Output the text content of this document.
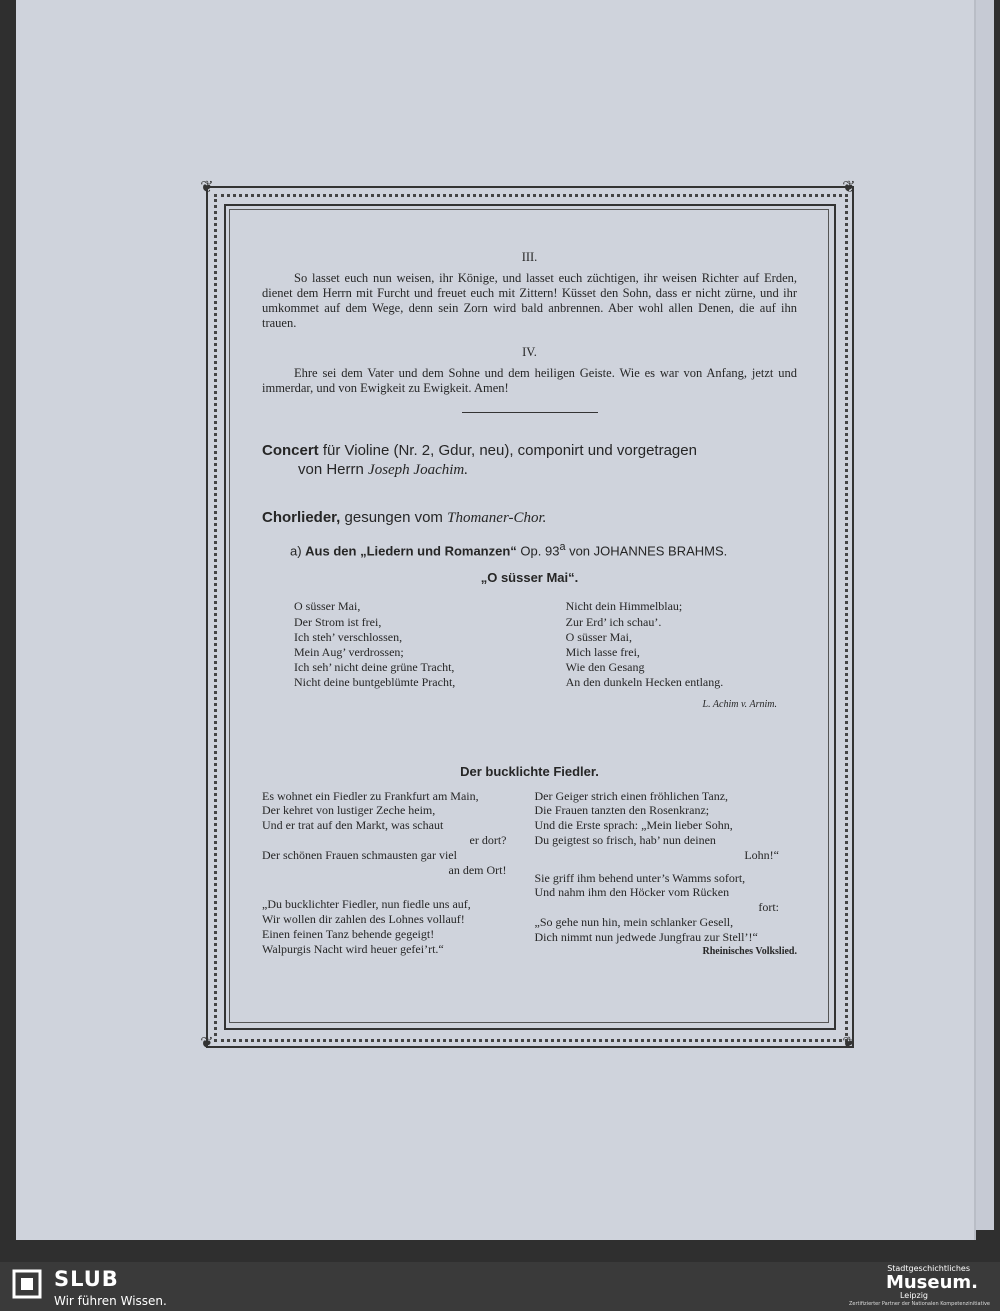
❦	❦
❦	❦
III.
So lasset euch nun weisen, ihr Könige, und lasset euch züchtigen, ihr weisen Richter auf Erden, dienet dem Herrn mit Furcht und freuet euch mit Zittern! Küsset den Sohn, dass er nicht zürne, und ihr umkommet auf dem Wege, denn sein Zorn wird bald anbrennen. Aber wohl allen Denen, die auf ihn trauen.
IV.
Ehre sei dem Vater und dem Sohne und dem heiligen Geiste. Wie es war von Anfang, jetzt und immerdar, und von Ewigkeit zu Ewigkeit. Amen!
Concert für Violine (Nr. 2, Gdur, neu), componirt und vorgetragen
von Herrn Joseph Joachim.
Chorlieder, gesungen vom Thomaner-Chor.
a) Aus den „Liedern und Romanzen“ Op. 93$^a$ von JOHANNES BRAHMS.
„O süsser Mai“.
O süsser Mai,
Der Strom ist frei,
Ich steh’ verschlossen,
Mein Aug’ verdrossen;
Ich seh’ nicht deine grüne Tracht,
Nicht deine buntgeblümte Pracht,
Nicht dein Himmelblau;
Zur Erd’ ich schau’.
O süsser Mai,
Mich lasse frei,
Wie den Gesang
An den dunkeln Hecken entlang.
L. Achim v. Arnim.
Der bucklichte Fiedler.
Es wohnet ein Fiedler zu Frankfurt am Main,
Der kehret von lustiger Zeche heim,
Und er trat auf den Markt, was schaut
er dort?
Der schönen Frauen schmausten gar viel
an dem Ort!
„Du bucklichter Fiedler, nun fiedle uns auf,
Wir wollen dir zahlen des Lohnes vollauf!
Einen feinen Tanz behende gegeigt!
Walpurgis Nacht wird heuer gefei’rt.“
Der Geiger strich einen fröhlichen Tanz,
Die Frauen tanzten den Rosenkranz;
Und die Erste sprach: „Mein lieber Sohn,
Du geigtest so frisch, hab’ nun deinen
Lohn!“
Sie griff ihm behend unter’s Wamms sofort,
Und nahm ihm den Höcker vom Rücken
fort:
„So gehe nun hin, mein schlanker Gesell,
Dich nimmt nun jedwede Jungfrau zur Stell’!“
Rheinisches Volkslied.
SLUB
Wir führen Wissen.
Stadtgeschichtliches
Museum.
Leipzig
Zertifizierter Partner der Nationalen Kompetenzinitiative
